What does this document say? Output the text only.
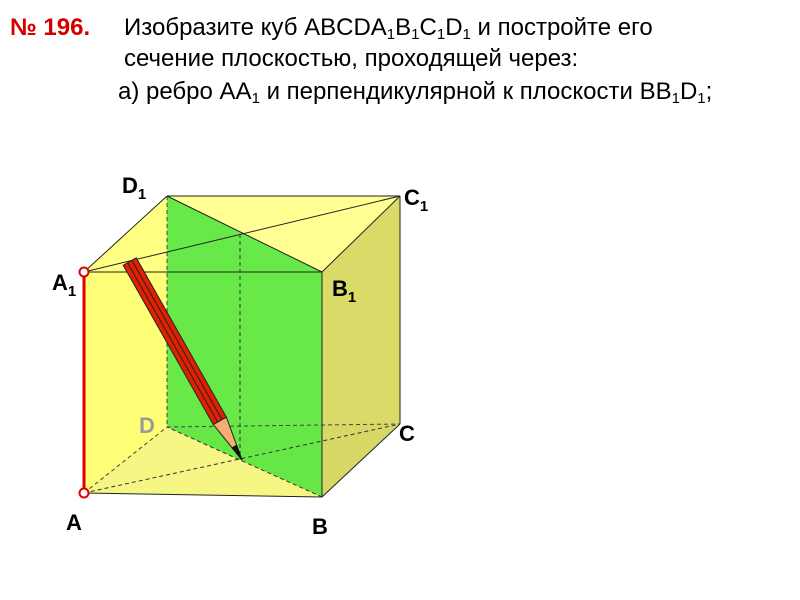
№ 196. Изобразите куб $ABCDA_1B_1C_1D_1$ и постройте его
сечение плоскостью, проходящей через:
а) ребро $AA_1$ и перпендикулярной к плоскости $BB_1D_1$;
$A_1$
$D_1$	$C_1$
$B_1$
D	C
A	B
